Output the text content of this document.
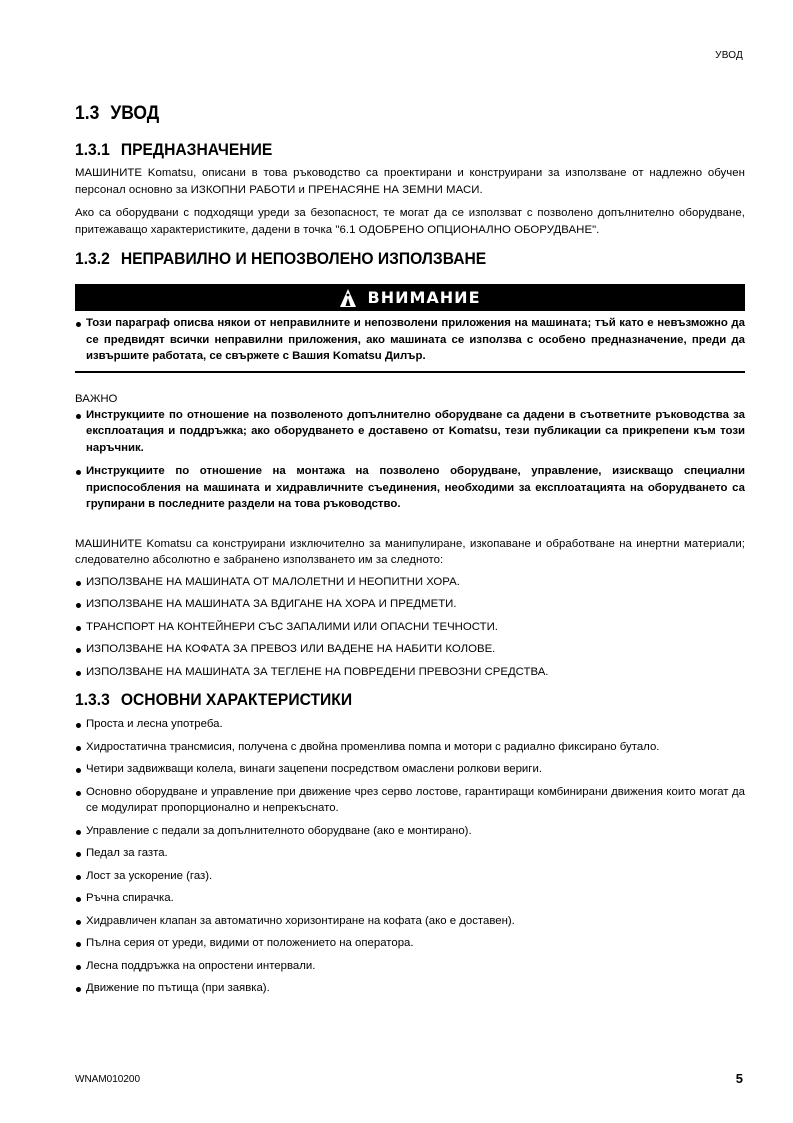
УВОД
1.3 УВОД
1.3.1 ПРЕДНАЗНАЧЕНИЕ

МАШИНИТЕ Komatsu, описани в това ръководство са проектирани и конструирани за използване от надлежно обучен персонал основно за ИЗКОПНИ РАБОТИ и ПРЕНАСЯНЕ НА ЗЕМНИ МАСИ.

Ако са оборудвани с подходящи уреди за безопасност, те могат да се използват с позволено допълнително оборудване, притежаващо характеристиките, дадени в точка "6.1 ОДОБРЕНО ОПЦИОНАЛНО ОБОРУДВАНЕ".

1.3.2 НЕПРАВИЛНО И НЕПОЗВОЛЕНО ИЗПОЛЗВАНЕ
ВНИМАНИЕ
Този параграф описва някои от неправилните и непозволени приложения на машината; тъй като е невъзможно да се предвидят всички неправилни приложения, ако машината се използва с особено предназначение, преди да извършите работата, се свържете с Вашия Komatsu Дилър.
ВАЖНО
Инструкциите по отношение на позволеното допълнително оборудване са дадени в съответните ръководства за експлоатация и поддръжка; ако оборудването е доставено от Komatsu, тези публикации са прикрепени към този наръчник.
Инструкциите по отношение на монтажа на позволено оборудване, управление, изискващо специални приспособления на машината и хидравличните съединения, необходими за експлоатацията на оборудването са групирани в последните раздели на това ръководство.

МАШИНИТЕ Komatsu са конструирани изключително за манипулиране, изкопаване и обработване на инертни материали; следователно абсолютно е забранено използването им за следното:

ИЗПОЛЗВАНЕ НА МАШИНАТА ОТ МАЛОЛЕТНИ И НЕОПИТНИ ХОРА.
ИЗПОЛЗВАНЕ НА МАШИНАТА ЗА ВДИГАНЕ НА ХОРА И ПРЕДМЕТИ.
ТРАНСПОРТ НА КОНТЕЙНЕРИ СЪС ЗАПАЛИМИ ИЛИ ОПАСНИ ТЕЧНОСТИ.
ИЗПОЛЗВАНЕ НА КОФАТА ЗА ПРЕВОЗ ИЛИ ВАДЕНЕ НА НАБИТИ КОЛОВЕ.
ИЗПОЛЗВАНЕ НА МАШИНАТА ЗА ТЕГЛЕНЕ НА ПОВРЕДЕНИ ПРЕВОЗНИ СРЕДСТВА.
1.3.3 ОСНОВНИ ХАРАКТЕРИСТИКИ
Проста и лесна употреба.
Хидростатична трансмисия, получена с двойна променлива помпа и мотори с радиално фиксирано бутало.
Четири задвижващи колела, винаги зацепени посредством омаслени ролкови вериги.
Основно оборудване и управление при движение чрез серво лостове, гарантиращи комбинирани движения които могат да се модулират пропорционално и непрекъснато.
Управление с педали за допълнителното оборудване (ако е монтирано).
Педал за газта.
Лост за ускорение (газ).
Ръчна спирачка.
Хидравличен клапан за автоматично хоризонтиране на кофата (ако е доставен).
Пълна серия от уреди, видими от положението на оператора.
Лесна поддръжка на опростени интервали.
Движение по пътища (при заявка).
WNAM010200	5
